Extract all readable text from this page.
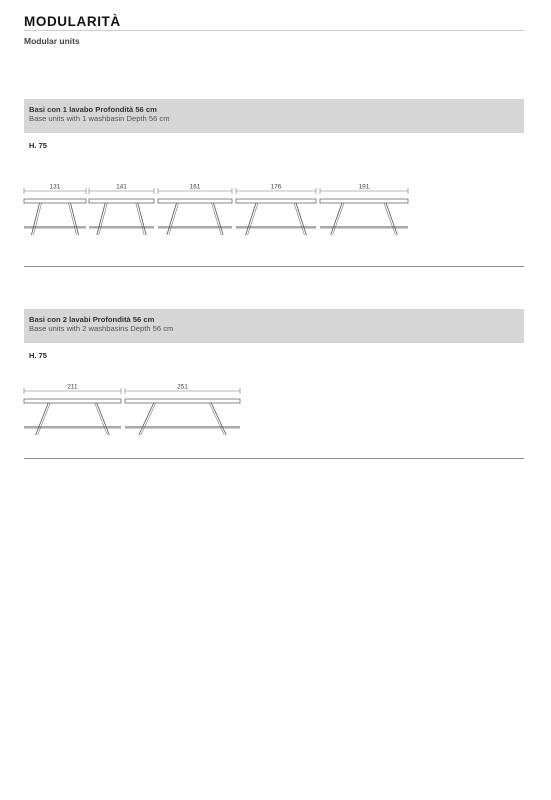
MODULARITÀ
Modular units
Basi con 1 lavabo Profondità 56 cm
Base units with 1 washbasin Depth 56 cm
H. 75
Basi con 2 lavabi Profondità 56 cm
Base units with 2 washbasins Depth 56 cm
H. 75
131	141	161	176	191
211	251
